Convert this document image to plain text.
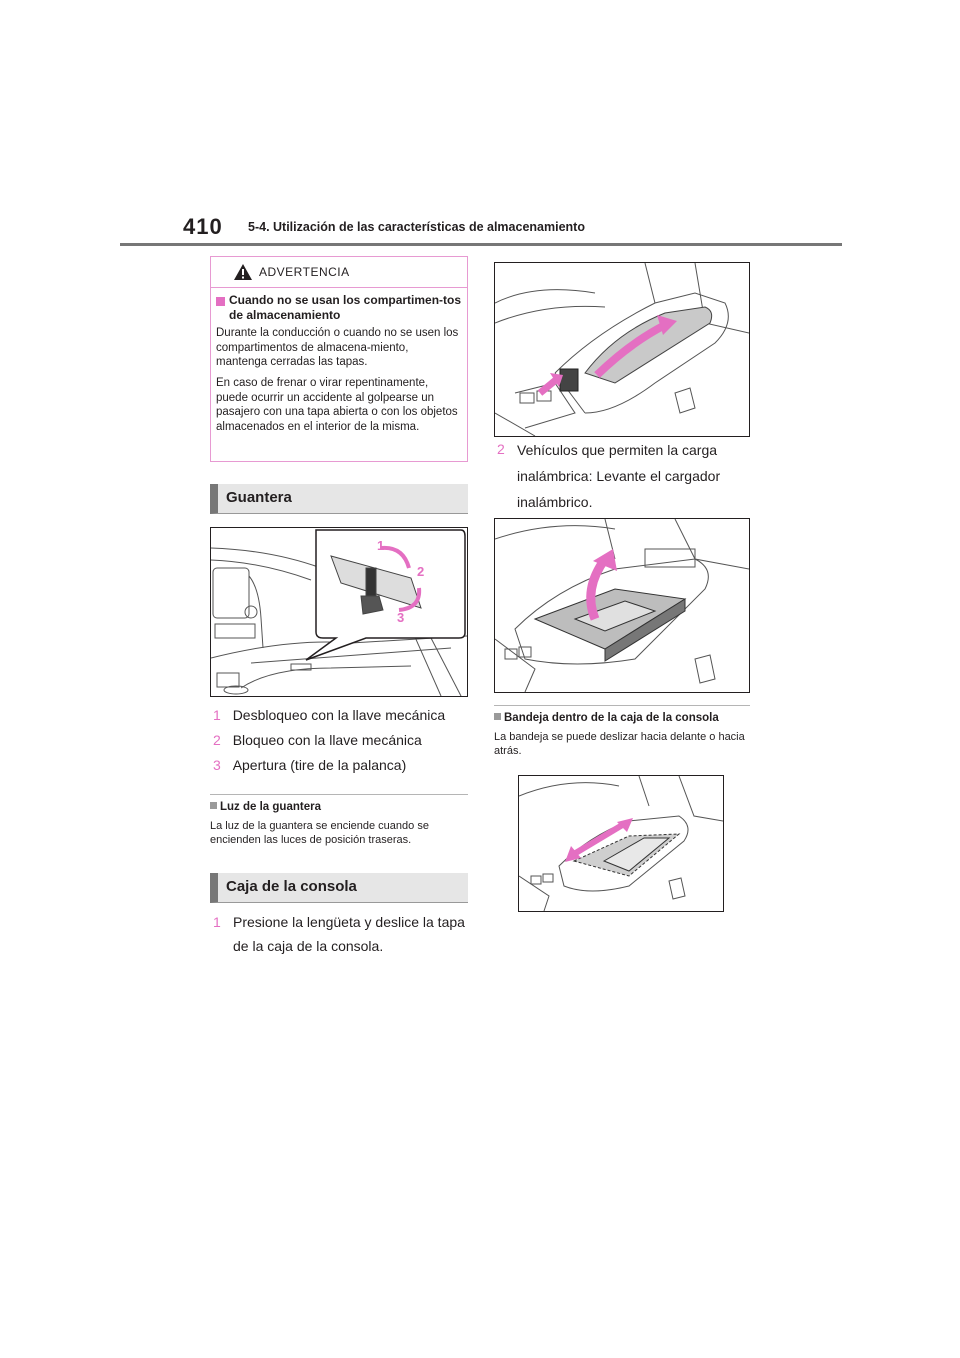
410 5-4. Utilización de las características de almacenamiento
ADVERTENCIA
Cuando no se usan los compartimen-tos de almacenamiento
Durante la conducción o cuando no se usen los compartimentos de almacena-miento, mantenga cerradas las tapas.
En caso de frenar o virar repentinamente, puede ocurrir un accidente al golpearse un pasajero con una tapa abierta o con los objetos almacenados en el interior de la misma.
Guantera
1
2
3
1 Desbloqueo con la llave mecánica
2 Bloqueo con la llave mecánica
3 Apertura (tire de la palanca)
Luz de la guantera
La luz de la guantera se enciende cuando se encienden las luces de posición traseras.
Caja de la consola
1 Presione la lengüeta y deslice la tapa de la caja de la consola.
2 Vehículos que permiten la carga inalámbrica: Levante el cargador inalámbrico.
Bandeja dentro de la caja de la consola
La bandeja se puede deslizar hacia delante o hacia atrás.
